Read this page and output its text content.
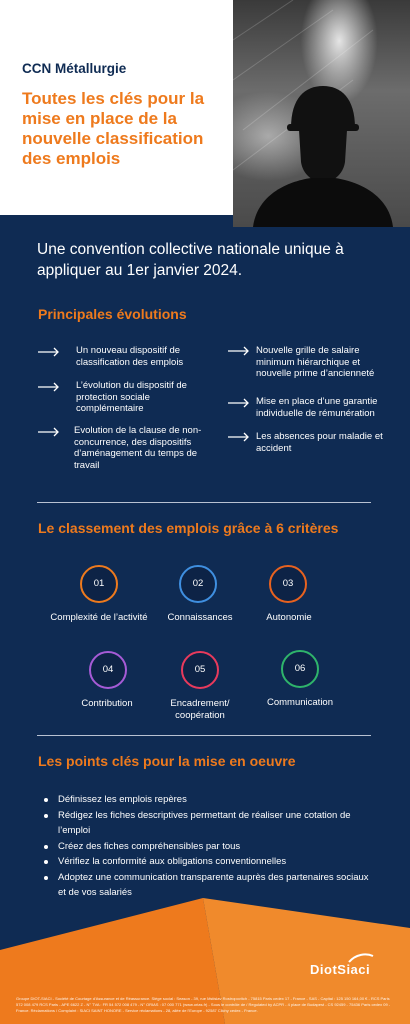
CCN Métallurgie
Toutes les clés pour la mise en place de la nouvelle classification des emplois
Une convention collective nationale unique à appliquer au 1er janvier 2024.
Principales évolutions
Un nouveau dispositif de classification des emplois
L’évolution du dispositif de protection sociale complémentaire
Evolution de la clause de non-concurrence, des dispositifs d’aménagement du temps de travail
Nouvelle grille de salaire minimum hiérarchique et nouvelle prime d’ancienneté
Mise en place d’une garantie individuelle de rémunération
Les absences pour maladie et accident
Le classement des emplois grâce à 6 critères
01
Complexité de l’activité
02
Connaissances
03
Autonomie
04
Contribution
05
Encadrement/ coopération
06
Communication
Les points clés pour la mise en oeuvre
Définissez les emplois repères
Rédigez les fiches descriptives permettant de réaliser une cotation de l’emploi
Créez des fiches compréhensibles par tous
Vérifiez la conformité aux obligations conventionnelles
Adoptez une communication transparente auprès des partenaires sociaux et de vos salariés
DiotSiaci
Groupe DIOT-SIACI - Société de Courtage d'Assurance et de Réassurance. Siège social : Season - 39, rue Mstislav Rostropovitch - 75815 Paris cedex 17 - France - SAS - Capital : 125 150 164,00 € - RCS Paris 572 008 479 RCS Paris - APE 6622 Z - N° TVA : FR 54 572 008 479 - N° ORIAS : 07 000 771 (www.orias.fr) - Sous le contrôle de / Regulated by ACPR - 4 place de Budapest - CS 92459 - 75436 Paris cedex 09 - France. Réclamations / Complaint : SIACI SAINT HONORE - Service réclamations - 28, allée de l'Europe - 92587 Clichy cedex - France.
